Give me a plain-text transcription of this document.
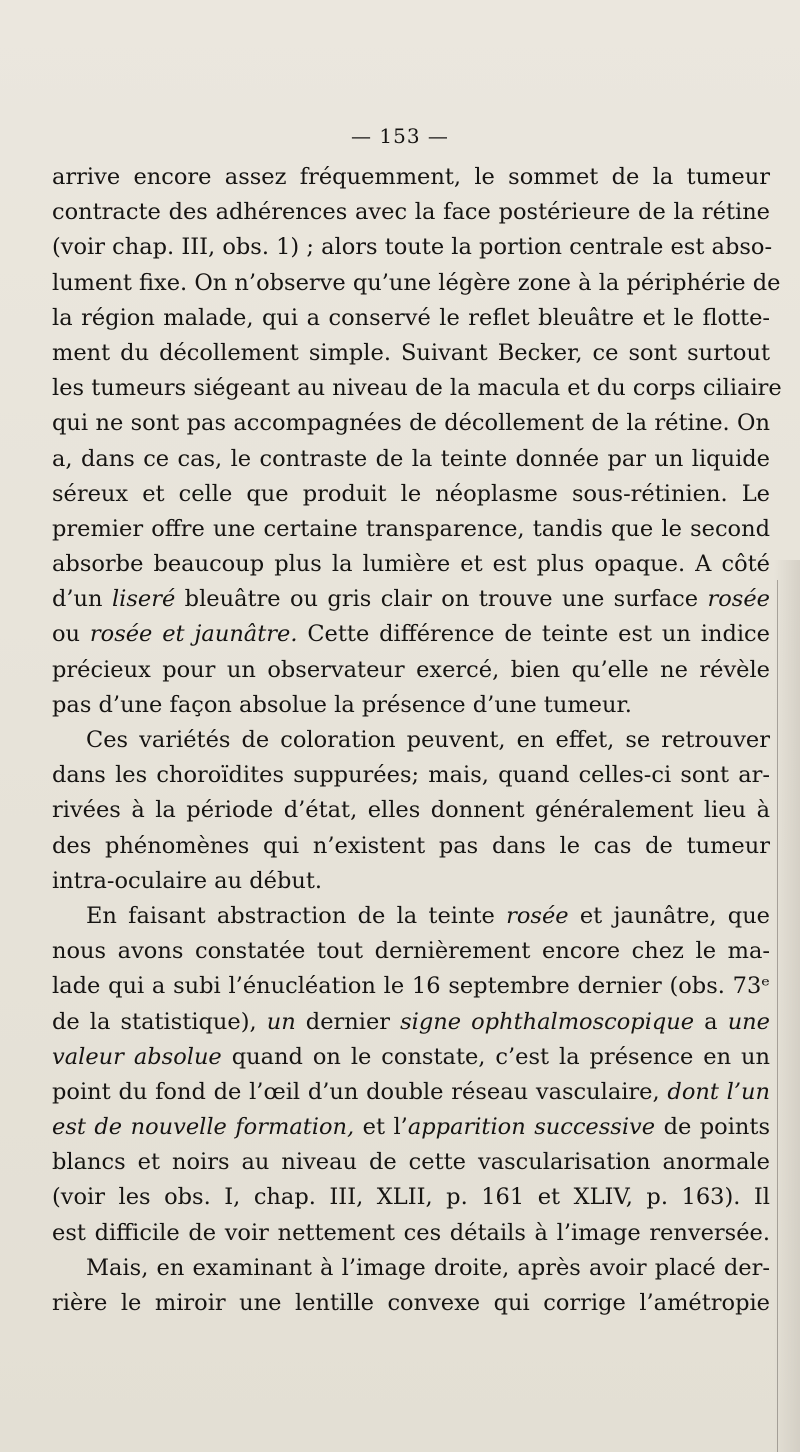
— 153 —
arrive encore assez fréquemment, le sommet de la tumeur
contracte des adhérences avec la face postérieure de la rétine
(voir chap. III, obs. 1) ; alors toute la portion centrale est abso-
lument fixe. On n’observe qu’une légère zone à la périphérie de
la région malade, qui a conservé le reflet bleuâtre et le flotte-
ment du décollement simple. Suivant Becker, ce sont surtout
les tumeurs siégeant au niveau de la macula et du corps ciliaire
qui ne sont pas accompagnées de décollement de la rétine. On
a, dans ce cas, le contraste de la teinte donnée par un liquide
séreux et celle que produit le néoplasme sous-rétinien. Le
premier offre une certaine transparence, tandis que le second
absorbe beaucoup plus la lumière et est plus opaque. A côté
d’un liseré bleuâtre ou gris clair on trouve une surface rosée
ou rosée et jaunâtre. Cette différence de teinte est un indice
précieux pour un observateur exercé, bien qu’elle ne révèle
pas d’une façon absolue la présence d’une tumeur.
Ces variétés de coloration peuvent, en effet, se retrouver
dans les choroïdites suppurées; mais, quand celles-ci sont ar-
rivées à la période d’état, elles donnent généralement lieu à
des phénomènes qui n’existent pas dans le cas de tumeur
intra-oculaire au début.
En faisant abstraction de la teinte rosée et jaunâtre, que
nous avons constatée tout dernièrement encore chez le ma-
lade qui a subi l’énucléation le 16 septembre dernier (obs. 73ᵉ
de la statistique), un dernier signe ophthalmoscopique a une
valeur absolue quand on le constate, c’est la présence en un
point du fond de l’œil d’un double réseau vasculaire, dont l’un
est de nouvelle formation, et l’apparition successive de points
blancs et noirs au niveau de cette vascularisation anormale
(voir les obs. I, chap. III, XLII, p. 161 et XLIV, p. 163). Il
est difficile de voir nettement ces détails à l’image renversée.
Mais, en examinant à l’image droite, après avoir placé der-
rière le miroir une lentille convexe qui corrige l’amétropie
